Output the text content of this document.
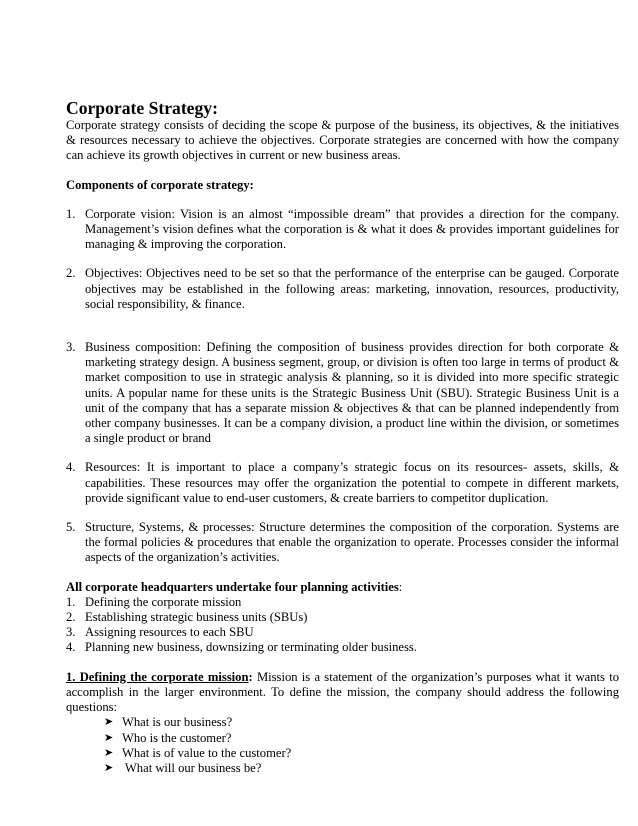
Corporate Strategy:

Corporate strategy consists of deciding the scope & purpose of the business, its objectives, & the initiatives & resources necessary to achieve the objectives. Corporate strategies are concerned with how the company can achieve its growth objectives in current or new business areas.

Components of corporate strategy:

1. Corporate vision: Vision is an almost “impossible dream” that provides a direction for the company. Management’s vision defines what the corporation is & what it does & provides important guidelines for managing & improving the corporation.
2. Objectives: Objectives need to be set so that the performance of the enterprise can be gauged. Corporate objectives may be established in the following areas: marketing, innovation, resources, productivity, social responsibility, & finance.
3. Business composition: Defining the composition of business provides direction for both corporate & marketing strategy design. A business segment, group, or division is often too large in terms of product & market composition to use in strategic analysis & planning, so it is divided into more specific strategic units. A popular name for these units is the Strategic Business Unit (SBU). Strategic Business Unit is a unit of the company that has a separate mission & objectives & that can be planned independently from other company businesses. It can be a company division, a product line within the division, or sometimes a single product or brand
4. Resources: It is important to place a company’s strategic focus on its resources- assets, skills, & capabilities. These resources may offer the organization the potential to compete in different markets, provide significant value to end-user customers, & create barriers to competitor duplication.
5. Structure, Systems, & processes: Structure determines the composition of the corporation. Systems are the formal policies & procedures that enable the organization to operate. Processes consider the informal aspects of the organization’s activities.

All corporate headquarters undertake four planning activities:

1. Defining the corporate mission
2. Establishing strategic business units (SBUs)
3. Assigning resources to each SBU
4. Planning new business, downsizing or terminating older business.

1. Defining the corporate mission: Mission is a statement of the organization’s purposes what it wants to accomplish in the larger environment. To define the mission, the company should address the following questions:

➤ What is our business?
➤ Who is the customer?
➤ What is of value to the customer?
➤ What will our business be?
